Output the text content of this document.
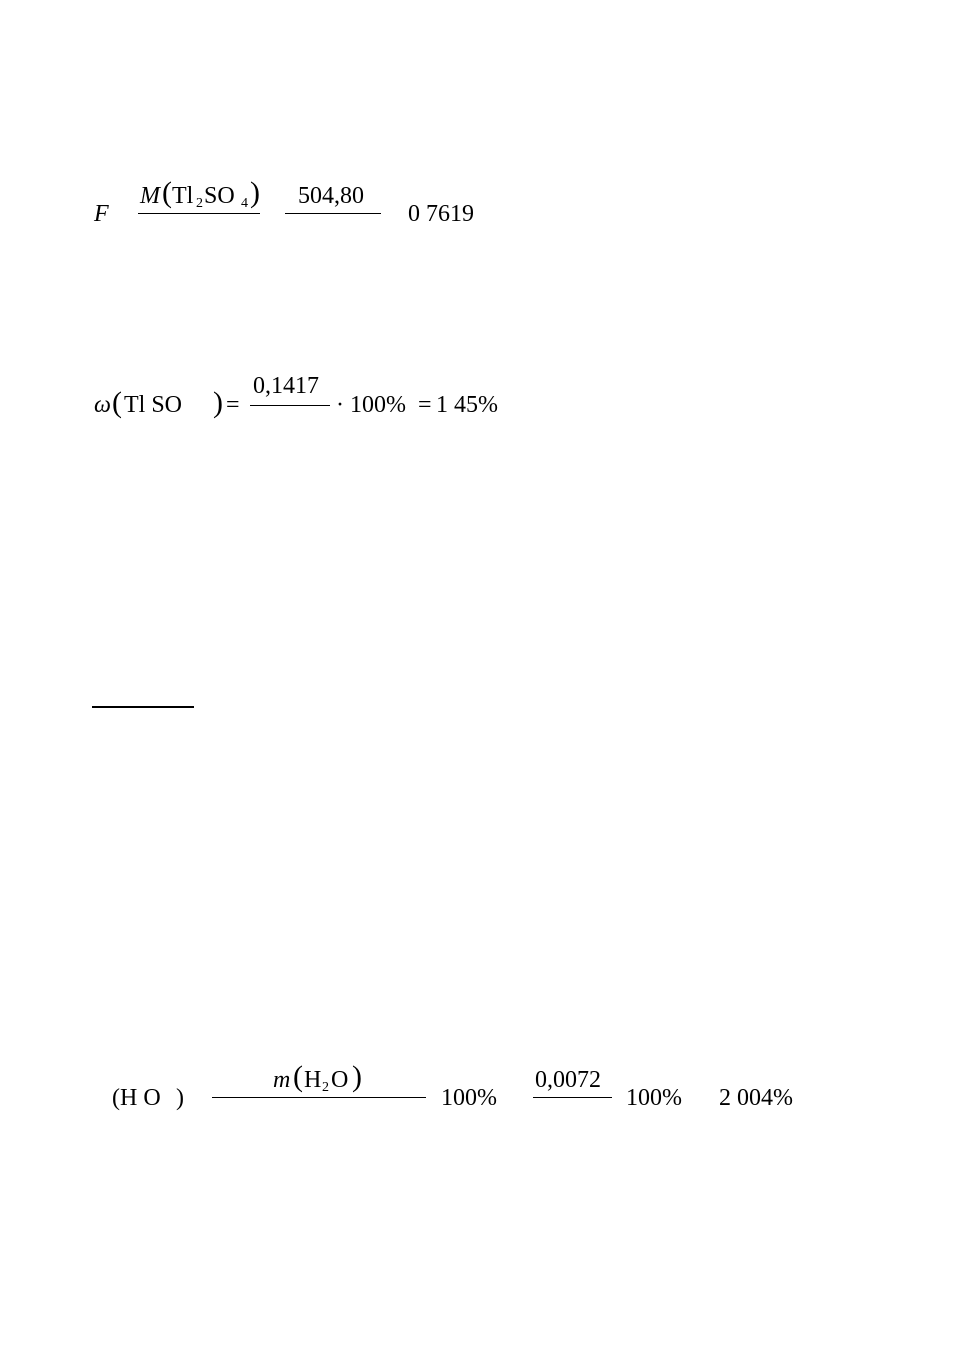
F
M ( Tl 2 SO 4 ) 504,80
0 7619
ω ( Tl SO ) =
0,1417
· 100% = 1 45%
( H O )
m ( H 2 O )
100%
0,0072
100% 2 004%
